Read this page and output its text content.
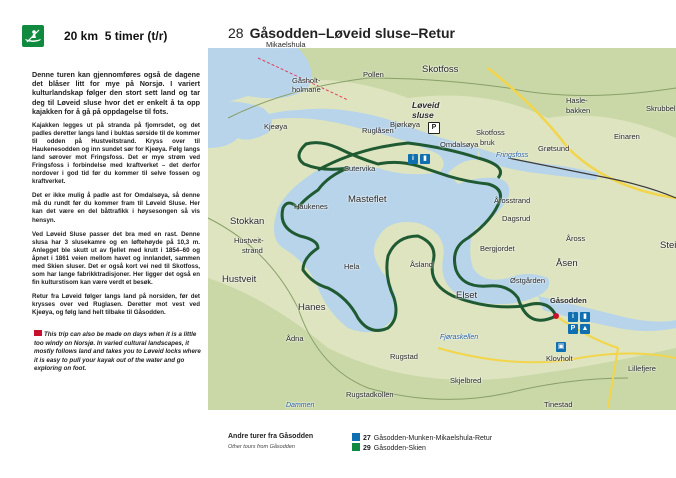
20 km 5 timer (t/r)

Denne turen kan gjennomføres også de dagene det blåser litt for mye på Norsjø. I variert kulturlandskap følger den stort sett land og tar deg til Løveid sluse hvor det er enkelt å ta opp kajakken for å gå på oppdagelse til fots.

Kajakken legges ut på stranda på fjomrsdet, og det padles deretter langs land i buktas sørside til de kommer til odden på Hustveitstrand. Kryss over til Haukenesodden og inn sundet sør for Kjeøya. Følg langs land sørover mot Fringsfoss. Det er mye strøm ved Fringsfoss i forbindelse med kraftverket – det derfor nordover i god tid før du kommer til selve fossen og kraftverket.

Det er ikke mulig å padle ast for Omdalsøya, så denne må du rundt før du kommer fram til Løveid Sluse. Her kan det være en del båttrafikk i høysesongen så vis hensyn.

Ved Løveid Sluse passer det bra med en rast. Denne slusa har 3 slusekamre og en løftehøyde på 10,3 m. Anlegget ble skutt ut av fjellet med krutt i 1854–60 og åpnet i 1861 veien mellom havet og innlandet, sammen med Skien sluser. Det er også kort vei ned til Skotfoss, som har lange fabrikktradisjoner. Her ligger det også en fin kulturstisom kan være verdt et besøk.

Retur fra Løveid følger langs land på norsiden, før det krysses over ved Ruglasen. Deretter mot vest ved Kjeøya, og følg land helt tilbake til Gåsodden.

This trip can also be made on days when it is a little too windy on Norsjø. In varied cultural landscapes, it mostly follows land and takes you to Løveid locks where it is easy to pull your kayak out of the water and go exploring on foot.
28 Gåsodden–Løveid sluse–Retur
Mikaelshula
Gåsholt-
holmane
Pollen	Skotfoss
Løveid
sluse
Hasle-
bakken	Skrubbel
Kjeøya	Ruglåsen
Bjørkøya
Omdalsøya
Skotfoss
bruk
Einaren
Grøtsund
Sutervika
Fringsfoss
Haukenes
Masteflet	Årosstrand
Dagsrud
Stokkan
Hustveit-
strand	Bergjordet
Åross
Stei
Hustveit
Hela	Åsland	Åsen
Østgården
Elset
Hanes
Gåsodden
Fjøraskellen
Ådna
Rugstad	Klovholt
Lillefjere
Skjelbred
Rugstadkollen
Tinestad
Dammen
P
i	▮
i	▮
P ▲
▣
Andre turer fra Gåsodden
Other tours from Gåsodden
27 Gåsodden-Munken-Mikaelshula-Retur
29 Gåsodden-Skien
